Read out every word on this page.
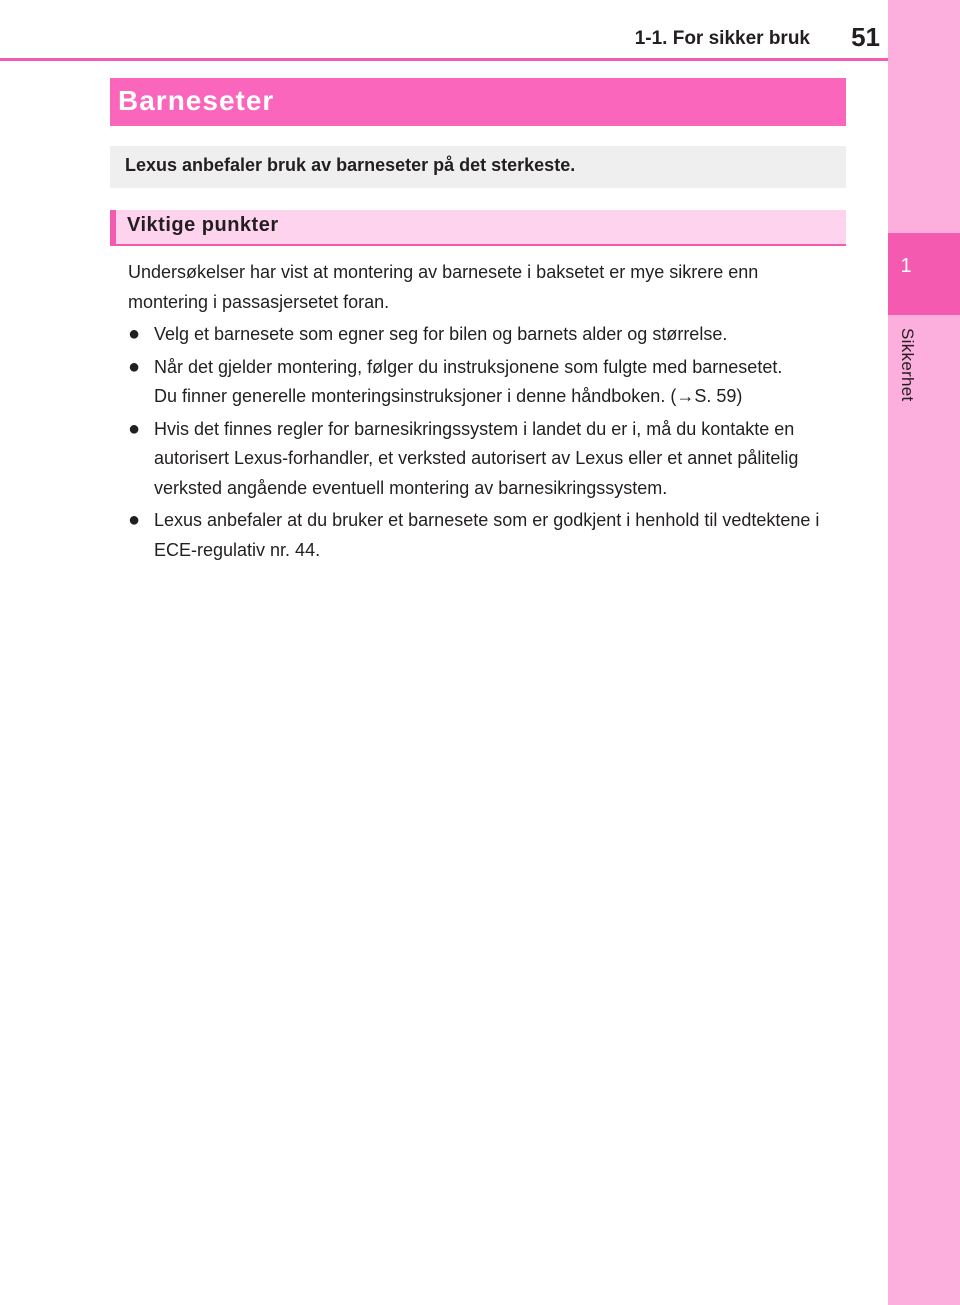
1
Sikkerhet
1-1. For sikker bruk	51
Barneseter
Lexus anbefaler bruk av barneseter på det sterkeste.
Viktige punkter

Undersøkelser har vist at montering av barnesete i baksetet er mye sikrere enn montering i passasjersetet foran.

● Velg et barnesete som egner seg for bilen og barnets alder og størrelse.
● Når det gjelder montering, følger du instruksjonene som fulgte med barnesetet.
Du finner generelle monteringsinstruksjoner i denne håndboken. (→S. 59)
● Hvis det finnes regler for barnesikringssystem i landet du er i, må du kontakte en autorisert Lexus-forhandler, et verksted autorisert av Lexus eller et annet pålitelig verksted angående eventuell montering av barnesikringssystem.
● Lexus anbefaler at du bruker et barnesete som er godkjent i henhold til vedtektene i ECE-regulativ nr. 44.
